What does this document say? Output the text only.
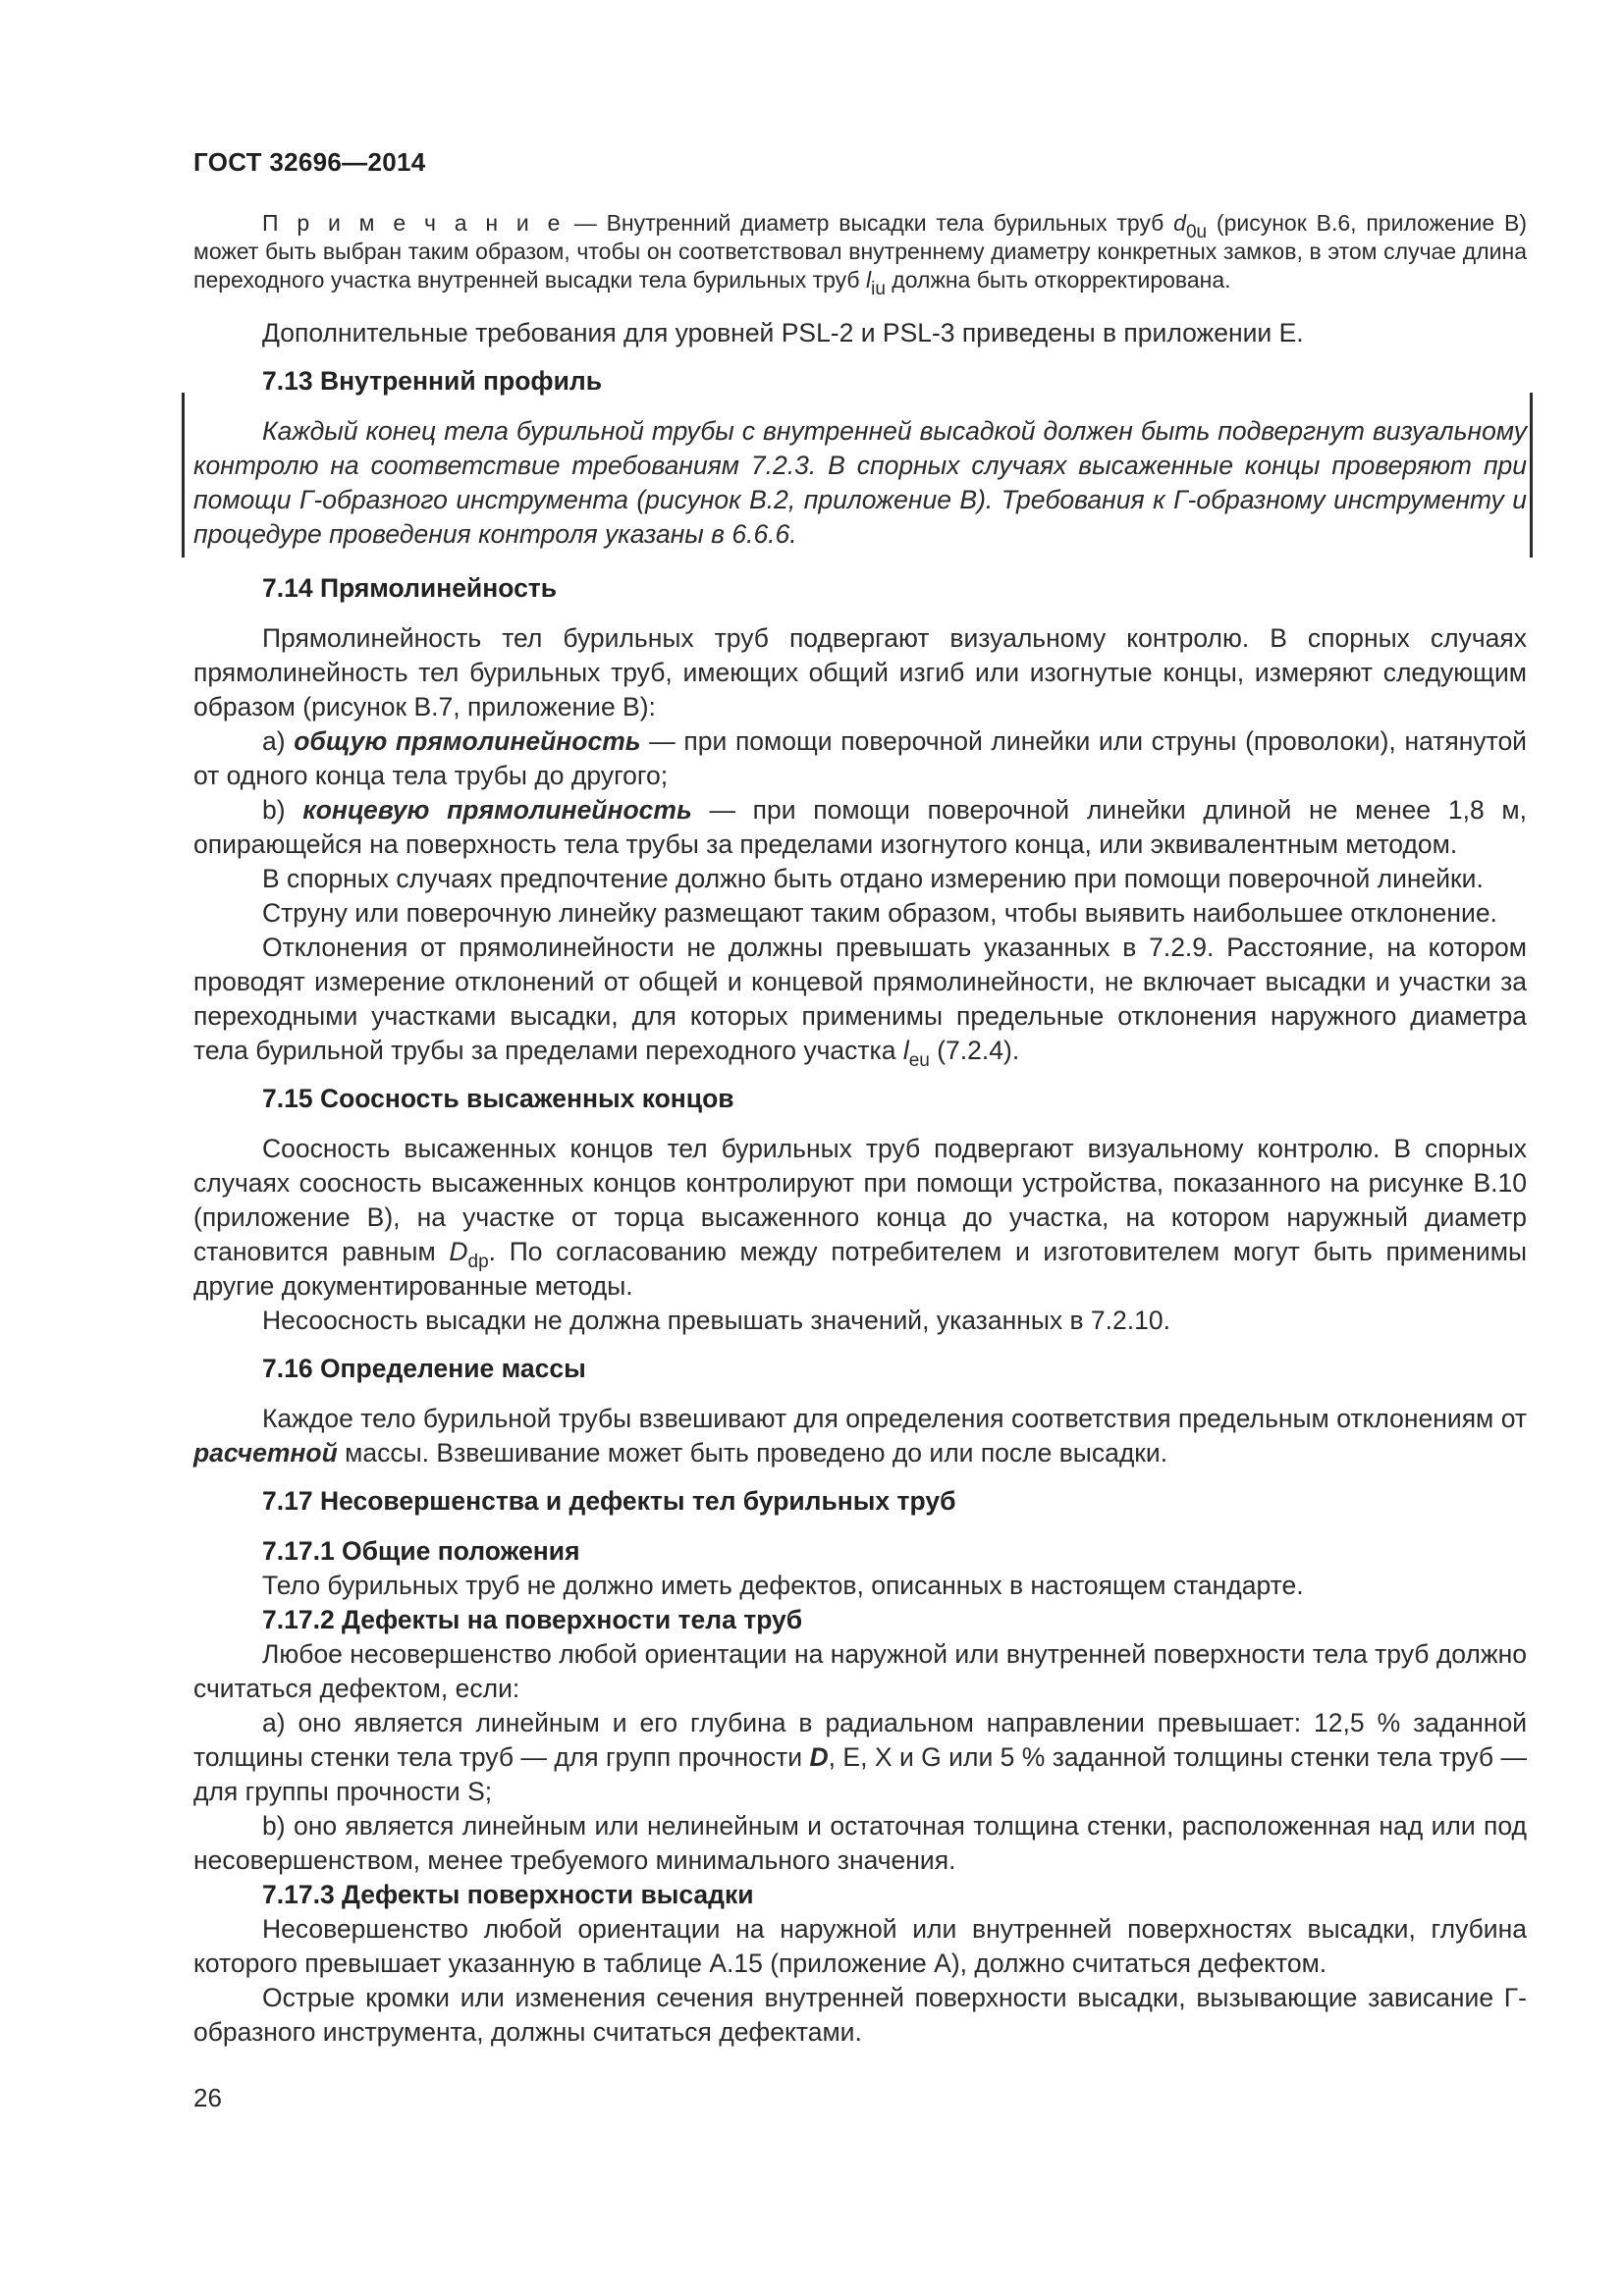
ГОСТ 32696—2014

П р и м е ч а н и е — Внутренний диаметр высадки тела бурильных труб $d_{0u}$ (рисунок В.6, приложение В) может быть выбран таким образом, чтобы он соответствовал внутреннему диаметру конкретных замков, в этом случае длина переходного участка внутренней высадки тела бурильных труб $l_{iu}$ должна быть откорректирована.

Дополнительные требования для уровней PSL-2 и PSL-3 приведены в приложении Е.

7.13 Внутренний профиль

Каждый конец тела бурильной трубы с внутренней высадкой должен быть подвергнут визуальному контролю на соответствие требованиям 7.2.3. В спорных случаях высаженные концы проверяют при помощи Г-образного инструмента (рисунок В.2, приложение В). Требования к Г-образному инструменту и процедуре проведения контроля указаны в 6.6.6.

7.14 Прямолинейность

Прямолинейность тел бурильных труб подвергают визуальному контролю. В спорных случаях прямолинейность тел бурильных труб, имеющих общий изгиб или изогнутые концы, измеряют следующим образом (рисунок В.7, приложение В):

a) общую прямолинейность — при помощи поверочной линейки или струны (проволоки), натянутой от одного конца тела трубы до другого;

b) концевую прямолинейность — при помощи поверочной линейки длиной не менее 1,8 м, опирающейся на поверхность тела трубы за пределами изогнутого конца, или эквивалентным методом.

В спорных случаях предпочтение должно быть отдано измерению при помощи поверочной линейки.

Струну или поверочную линейку размещают таким образом, чтобы выявить наибольшее отклонение.

Отклонения от прямолинейности не должны превышать указанных в 7.2.9. Расстояние, на котором проводят измерение отклонений от общей и концевой прямолинейности, не включает высадки и участки за переходными участками высадки, для которых применимы предельные отклонения наружного диаметра тела бурильной трубы за пределами переходного участка $l_{eu}$ (7.2.4).

7.15 Соосность высаженных концов

Соосность высаженных концов тел бурильных труб подвергают визуальному контролю. В спорных случаях соосность высаженных концов контролируют при помощи устройства, показанного на рисунке В.10 (приложение В), на участке от торца высаженного конца до участка, на котором наружный диаметр становится равным $D_{dp}$. По согласованию между потребителем и изготовителем могут быть применимы другие документированные методы.

Несоосность высадки не должна превышать значений, указанных в 7.2.10.

7.16 Определение массы

Каждое тело бурильной трубы взвешивают для определения соответствия предельным отклонениям от расчетной массы. Взвешивание может быть проведено до или после высадки.

7.17 Несовершенства и дефекты тел бурильных труб
7.17.1 Общие положения

Тело бурильных труб не должно иметь дефектов, описанных в настоящем стандарте.

7.17.2 Дефекты на поверхности тела труб

Любое несовершенство любой ориентации на наружной или внутренней поверхности тела труб должно считаться дефектом, если:

а) оно является линейным и его глубина в радиальном направлении превышает: 12,5 % заданной толщины стенки тела труб — для групп прочности D, Е, Х и G или 5 % заданной толщины стенки тела труб — для группы прочности S;

b) оно является линейным или нелинейным и остаточная толщина стенки, расположенная над или под несовершенством, менее требуемого минимального значения.

7.17.3 Дефекты поверхности высадки

Несовершенство любой ориентации на наружной или внутренней поверхностях высадки, глубина которого превышает указанную в таблице А.15 (приложение А), должно считаться дефектом.

Острые кромки или изменения сечения внутренней поверхности высадки, вызывающие зависание Г-образного инструмента, должны считаться дефектами.

26
